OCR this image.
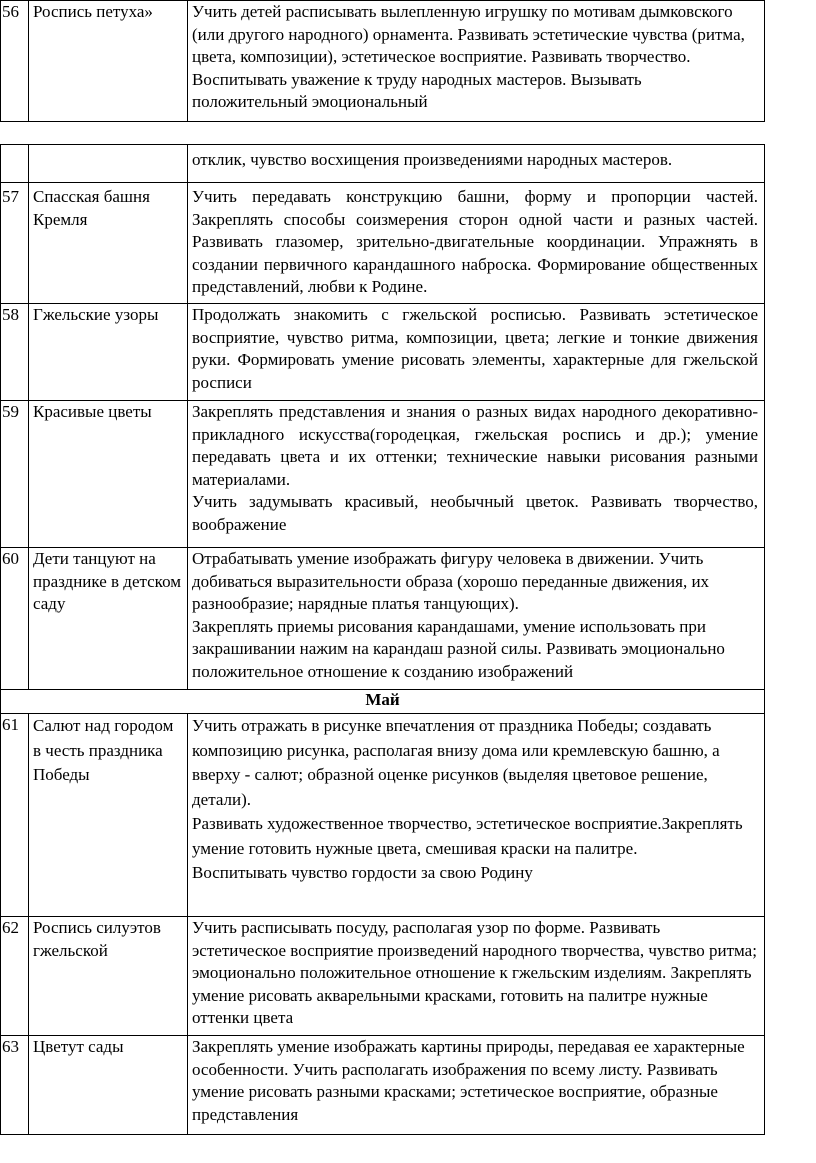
56	Роспись петуха»	Учить детей расписывать вылепленную игрушку по мотивам дымковского (или другого народного) орнамента. Развивать эстетические чувства (ритма, цвета, композиции), эстетическое восприятие. Развивать творчество. Воспитывать уважение к труду народных мастеров. Вызывать положительный эмоциональный

		отклик, чувство восхищения произведениями народных мастеров.

57	Спасская башня Кремля	Учить передавать конструкцию башни, форму и пропорции частей. Закреплять способы соизмерения сторон одной части и разных частей. Развивать глазомер, зрительно-двигательные координации. Упражнять в создании первичного карандашного наброска. Формирование общественных представлений, любви к Родине.

58	Гжельские узоры	Продолжать знакомить с гжельской росписью. Развивать эстетическое восприятие, чувство ритма, композиции, цвета; легкие и тонкие движения руки. Формировать умение рисовать элементы, характерные для гжельской росписи

59	Красивые цветы	Закреплять представления и знания о разных видах народного декоративно-прикладного искусства(городецкая, гжельская роспись и др.); умение передавать цвета и их оттенки; технические навыки рисования разными материалами.
Учить задумывать красивый, необычный цветок. Развивать творчество, воображение

60	Дети танцуют на празднике в детском саду	Отрабатывать умение изображать фигуру человека в движении. Учить добиваться выразительности образа (хорошо переданные движения, их разнообразие; нарядные платья танцующих).
Закреплять приемы рисования карандашами, умение использовать при закрашивании нажим на карандаш разной силы. Развивать эмоционально положительное отношение к созданию изображений

Май		
61	Салют над городом в честь праздника Победы	Учить отражать в рисунке впечатления от праздника Победы; создавать композицию рисунка, располагая внизу дома или кремлевскую башню, а вверху - салют; образной оценке рисунков (выделяя цветовое решение, детали).
Развивать художественное творчество, эстетическое восприятие.Закреплять умение готовить нужные цвета, смешивая краски на палитре.
Воспитывать чувство гордости за свою Родину

62	Роспись силуэтов гжельской	Учить расписывать посуду, располагая узор по форме. Развивать эстетическое восприятие произведений народного творчества, чувство ритма; эмоционально положительное отношение к гжельским изделиям. Закреплять умение рисовать акварельными красками, готовить на палитре нужные оттенки цвета

63	Цветут сады	Закреплять умение изображать картины природы, передавая ее характерные особенности. Учить располагать изображения по всему листу. Развивать умение рисовать разными красками; эстетическое восприятие, образные представления
